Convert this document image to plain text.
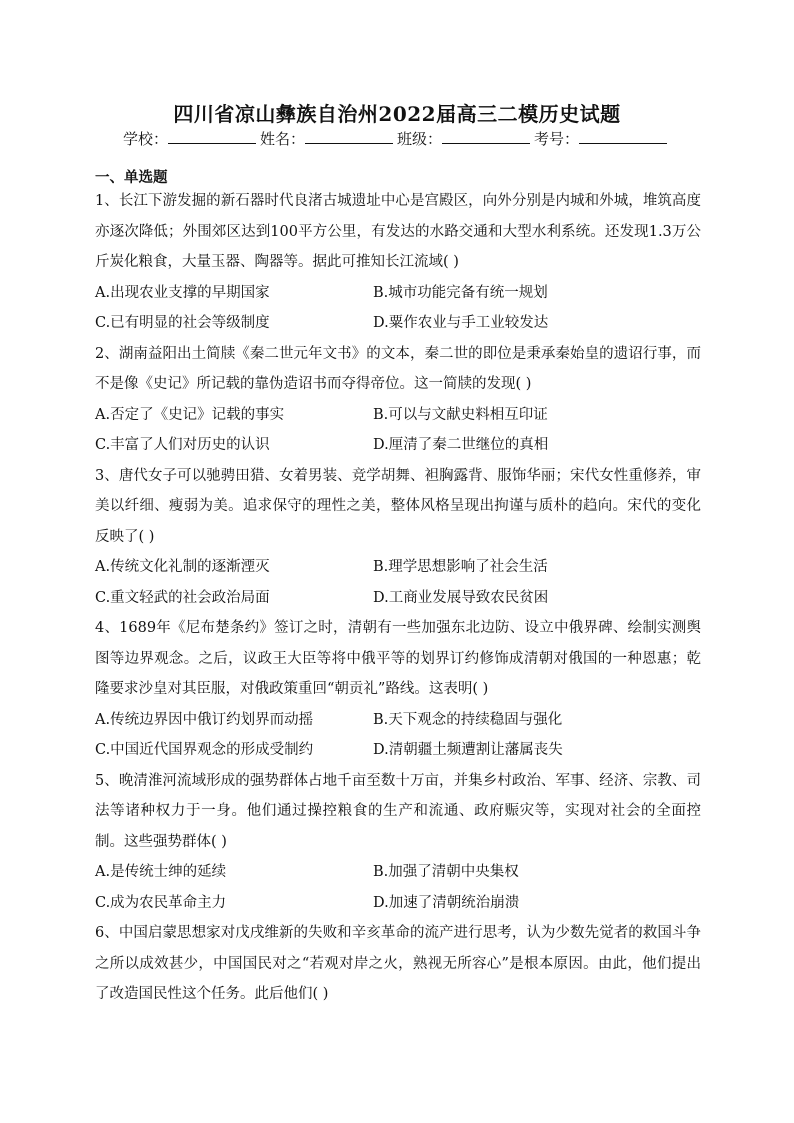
四川省凉山彝族自治州2022届高三二模历史试题
学校：	姓名：	班级：	考号：
一、单选题

1、长江下游发掘的新石器时代良渚古城遗址中心是宫殿区，向外分别是内城和外城，堆筑高度亦逐次降低；外围郊区达到100平方公里，有发达的水路交通和大型水利系统。还发现1.3万公斤炭化粮食，大量玉器、陶器等。据此可推知长江流域( )

A.出现农业支撑的早期国家	B.城市功能完备有统一规划
C.已有明显的社会等级制度	D.粟作农业与手工业较发达

2、湖南益阳出土简牍《秦二世元年文书》的文本，秦二世的即位是秉承秦始皇的遗诏行事，而不是像《史记》所记载的靠伪造诏书而夺得帝位。这一简牍的发现( )

A.否定了《史记》记载的事实	B.可以与文献史料相互印证
C.丰富了人们对历史的认识	D.厘清了秦二世继位的真相

3、唐代女子可以驰骋田猎、女着男装、竞学胡舞、袒胸露背、服饰华丽；宋代女性重修养，审美以纤细、瘦弱为美。追求保守的理性之美，整体风格呈现出拘谨与质朴的趋向。宋代的变化反映了( )

A.传统文化礼制的逐渐湮灭	B.理学思想影响了社会生活
C.重文轻武的社会政治局面	D.工商业发展导致农民贫困

4、1689年《尼布楚条约》签订之时，清朝有一些加强东北边防、设立中俄界碑、绘制实测舆图等边界观念。之后，议政王大臣等将中俄平等的划界订约修饰成清朝对俄国的一种恩惠；乾隆要求沙皇对其臣服，对俄政策重回“朝贡礼”路线。这表明( )

A.传统边界因中俄订约划界而动摇	B.天下观念的持续稳固与强化
C.中国近代国界观念的形成受制约	D.清朝疆土频遭割让藩属丧失

5、晚清淮河流域形成的强势群体占地千亩至数十万亩，并集乡村政治、军事、经济、宗教、司法等诸种权力于一身。他们通过操控粮食的生产和流通、政府赈灾等，实现对社会的全面控制。这些强势群体( )

A.是传统士绅的延续	B.加强了清朝中央集权
C.成为农民革命主力	D.加速了清朝统治崩溃

6、中国启蒙思想家对戊戌维新的失败和辛亥革命的流产进行思考，认为少数先觉者的救国斗争之所以成效甚少，中国国民对之“若观对岸之火，熟视无所容心”是根本原因。由此，他们提出了改造国民性这个任务。此后他们( )
